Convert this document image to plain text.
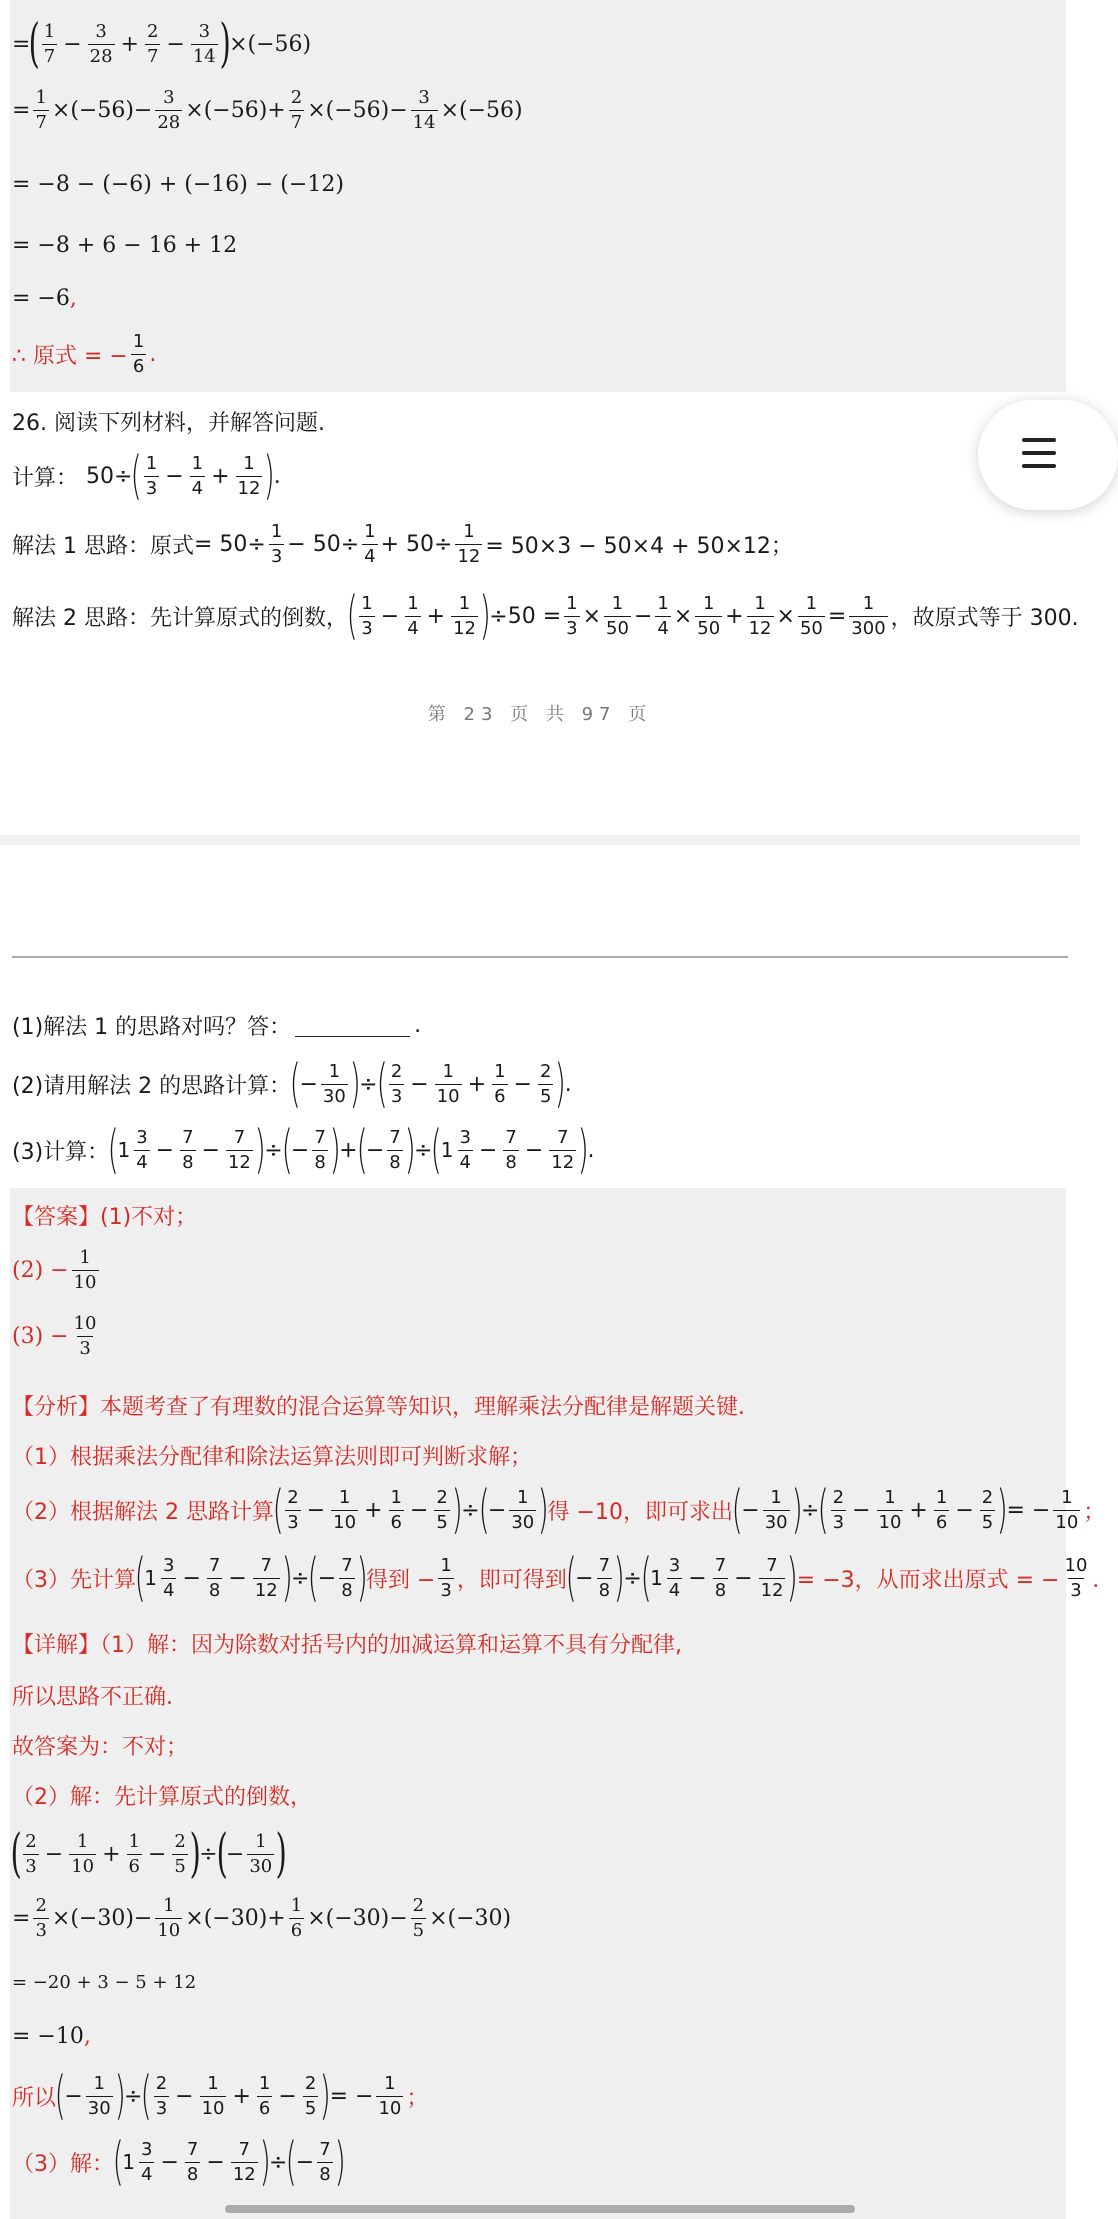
=
( $\frac{1}{7} - \frac{3}{28} + \frac{2}{7} - \frac{3}{14}$ )
×(−56)
= $\frac{1}{7} \times(-56)- \frac{3}{28} \times(-56)+ \frac{2}{7} \times(-56)- \frac{3}{14} \times(-56)$
= −8 − (−6) + (−16) − (−12)
= −8 + 6 − 16 + 12
= −6 ,
∴ 原式 = − $\frac{1}{6}$ .
26. 阅读下列材料，并解答问题.
计算： 50÷
( $\frac{1}{3} - \frac{1}{4} + \frac{1}{12}$ )
.
解法 1 思路：原式 = $50\div \frac{1}{3} - 50\div \frac{1}{4} + 50\div \frac{1}{12} = 50\times 3 - 50\times 4 + 50\times 12$；
解法 2 思路：先计算原式的倒数，
( $\frac{1}{3} - \frac{1}{4} + \frac{1}{12}$ )
$\div 50 = \frac{1}{3} \times \frac{1}{50} - \frac{1}{4} \times \frac{1}{50} + \frac{1}{12} \times \frac{1}{50} = \frac{1}{300}$ ，故原式等于 300.
第 23 页 共 97 页
(1)解法 1 的思路对吗？答：	.
(2)请用解法 2 的思路计算：
(
− $\frac{1}{30}$ )
÷
( $\frac{2}{3} - \frac{1}{10} + \frac{1}{6} - \frac{2}{5}$ )
.
(3)计算：
(
$1 \frac{3}{4} - \frac{7}{8} - \frac{7}{12}$ )
÷
(
− $\frac{7}{8}$ )
+
(
− $\frac{7}{8}$ )
÷
(
$1 \frac{3}{4} - \frac{7}{8} - \frac{7}{12}$ )
.
【答案】(1)不对；
$(2) - \frac{1}{10}$
$(3) - \frac{10}{3}$
【分析】本题考查了有理数的混合运算等知识，理解乘法分配律是解题关键．
（1）根据乘法分配律和除法运算法则即可判断求解；
（2）根据解法 2 思路计算
( $\frac{2}{3} - \frac{1}{10} + \frac{1}{6} - \frac{2}{5}$ )
÷
(
− $\frac{1}{30}$ )
得 −10，即可求出
(
− $\frac{1}{30}$ )
÷
( $\frac{2}{3} - \frac{1}{10} + \frac{1}{6} - \frac{2}{5}$ )
= − $\frac{1}{10}$ ；
（3）先计算
(
$1 \frac{3}{4} - \frac{7}{8} - \frac{7}{12}$ )
÷
(
− $\frac{7}{8}$ )
得到 − $\frac{1}{3}$ ，即可得到
(
− $\frac{7}{8}$ )
÷
(
$1 \frac{3}{4} - \frac{7}{8} - \frac{7}{12}$ )
= −3，从而求出原式 = − $\frac{10}{3}$ ．
【详解】（1）解：因为除数对括号内的加减运算和运算不具有分配律,
所以思路不正确．
故答案为：不对；
（2）解：先计算原式的倒数，
( $\frac{2}{3} - \frac{1}{10} + \frac{1}{6} - \frac{2}{5}$ )
÷
(
− $\frac{1}{30}$ )
= $\frac{2}{3} \times(-30)- \frac{1}{10} \times(-30)+ \frac{1}{6} \times(-30)- \frac{2}{5} \times(-30)$
= −20 + 3 − 5 + 12
= −10 ,
所以
(
− $\frac{1}{30}$ )
÷
( $\frac{2}{3} - \frac{1}{10} + \frac{1}{6} - \frac{2}{5}$ )
= − $\frac{1}{10}$ ；
（3）解：
(
$1 \frac{3}{4} - \frac{7}{8} - \frac{7}{12}$ )
÷
(
− $\frac{7}{8}$ )
